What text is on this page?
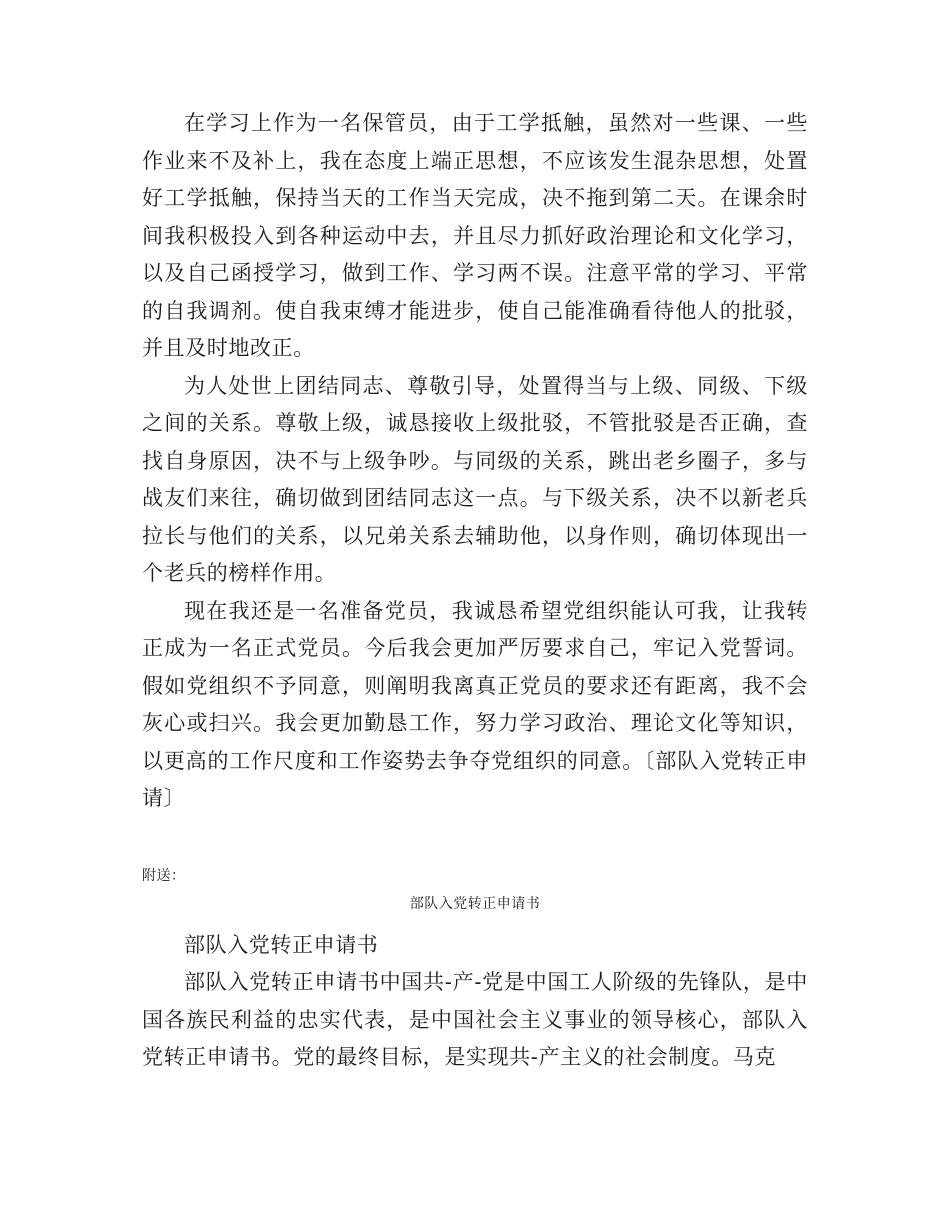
在学习上作为一名保管员，由于工学抵触，虽然对一些课、一些作业来不及补上，我在态度上端正思想，不应该发生混杂思想，处置好工学抵触，保持当天的工作当天完成，决不拖到第二天。在课余时间我积极投入到各种运动中去，并且尽力抓好政治理论和文化学习，以及自己函授学习，做到工作、学习两不误。注意平常的学习、平常的自我调剂。使自我束缚才能进步，使自己能准确看待他人的批驳，并且及时地改正。

为人处世上团结同志、尊敬引导，处置得当与上级、同级、下级之间的关系。尊敬上级，诚恳接收上级批驳，不管批驳是否正确，查找自身原因，决不与上级争吵。与同级的关系，跳出老乡圈子，多与战友们来往，确切做到团结同志这一点。与下级关系，决不以新老兵拉长与他们的关系，以兄弟关系去辅助他，以身作则，确切体现出一个老兵的榜样作用。

现在我还是一名准备党员，我诚恳希望党组织能认可我，让我转正成为一名正式党员。今后我会更加严厉要求自己，牢记入党誓词。假如党组织不予同意，则阐明我离真正党员的要求还有距离，我不会灰心或扫兴。我会更加勤恳工作，努力学习政治、理论文化等知识，以更高的工作尺度和工作姿势去争夺党组织的同意。〔部队入党转正申请〕

附送：

部队入党转正申请书

部队入党转正申请书

部队入党转正申请书中国共-产-党是中国工人阶级的先锋队，是中国各族民利益的忠实代表，是中国社会主义事业的领导核心，部队入党转正申请书。党的最终目标，是实现共-产主义的社会制度。马克
